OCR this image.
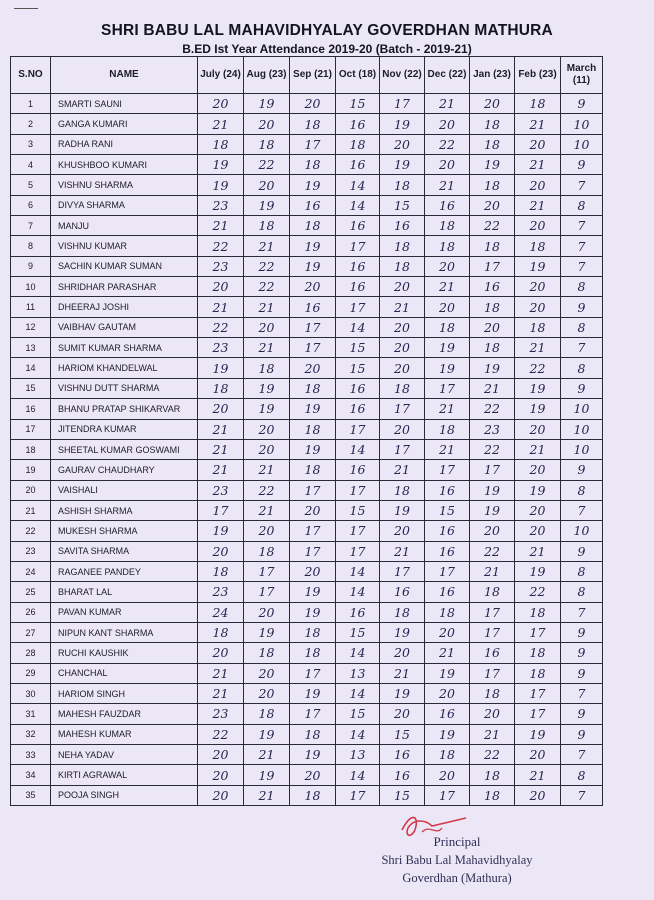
SHRI BABU LAL MAHAVIDHYALAY GOVERDHAN MATHURA
B.ED Ist Year Attendance 2019-20 (Batch - 2019-21)
S.NO	NAME	July (24)	Aug (23)	Sep (21)	Oct (18)	Nov (22)	Dec (22)	Jan (23)	Feb (23)	March (11)
1	SMARTI SAUNI	20	19	20	15	17	21	20	18	9
2	GANGA KUMARI	21	20	18	16	19	20	18	21	10
3	RADHA RANI	18	18	17	18	20	22	18	20	10
4	KHUSHBOO KUMARI	19	22	18	16	19	20	19	21	9
5	VISHNU SHARMA	19	20	19	14	18	21	18	20	7
6	DIVYA SHARMA	23	19	16	14	15	16	20	21	8
7	MANJU	21	18	18	16	16	18	22	20	7
8	VISHNU KUMAR	22	21	19	17	18	18	18	18	7
9	SACHIN KUMAR SUMAN	23	22	19	16	18	20	17	19	7
10	SHRIDHAR PARASHAR	20	22	20	16	20	21	16	20	8
11	DHEERAJ JOSHI	21	21	16	17	21	20	18	20	9
12	VAIBHAV GAUTAM	22	20	17	14	20	18	20	18	8
13	SUMIT KUMAR SHARMA	23	21	17	15	20	19	18	21	7
14	HARIOM KHANDELWAL	19	18	20	15	20	19	19	22	8
15	VISHNU DUTT SHARMA	18	19	18	16	18	17	21	19	9
16	BHANU PRATAP SHIKARVAR	20	19	19	16	17	21	22	19	10
17	JITENDRA KUMAR	21	20	18	17	20	18	23	20	10
18	SHEETAL KUMAR GOSWAMI	21	20	19	14	17	21	22	21	10
19	GAURAV CHAUDHARY	21	21	18	16	21	17	17	20	9
20	VAISHALI	23	22	17	17	18	16	19	19	8
21	ASHISH SHARMA	17	21	20	15	19	15	19	20	7
22	MUKESH SHARMA	19	20	17	17	20	16	20	20	10
23	SAVITA SHARMA	20	18	17	17	21	16	22	21	9
24	RAGANEE PANDEY	18	17	20	14	17	17	21	19	8
25	BHARAT LAL	23	17	19	14	16	16	18	22	8
26	PAVAN KUMAR	24	20	19	16	18	18	17	18	7
27	NIPUN KANT SHARMA	18	19	18	15	19	20	17	17	9
28	RUCHI KAUSHIK	20	18	18	14	20	21	16	18	9
29	CHANCHAL	21	20	17	13	21	19	17	18	9
30	HARIOM SINGH	21	20	19	14	19	20	18	17	7
31	MAHESH FAUZDAR	23	18	17	15	20	16	20	17	9
32	MAHESH KUMAR	22	19	18	14	15	19	21	19	9
33	NEHA YADAV	20	21	19	13	16	18	22	20	7
34	KIRTI AGRAWAL	20	19	20	14	16	20	18	21	8
35	POOJA SINGH	20	21	18	17	15	17	18	20	7
Principal
Shri Babu Lal Mahavidhyalay
Goverdhan (Mathura)
